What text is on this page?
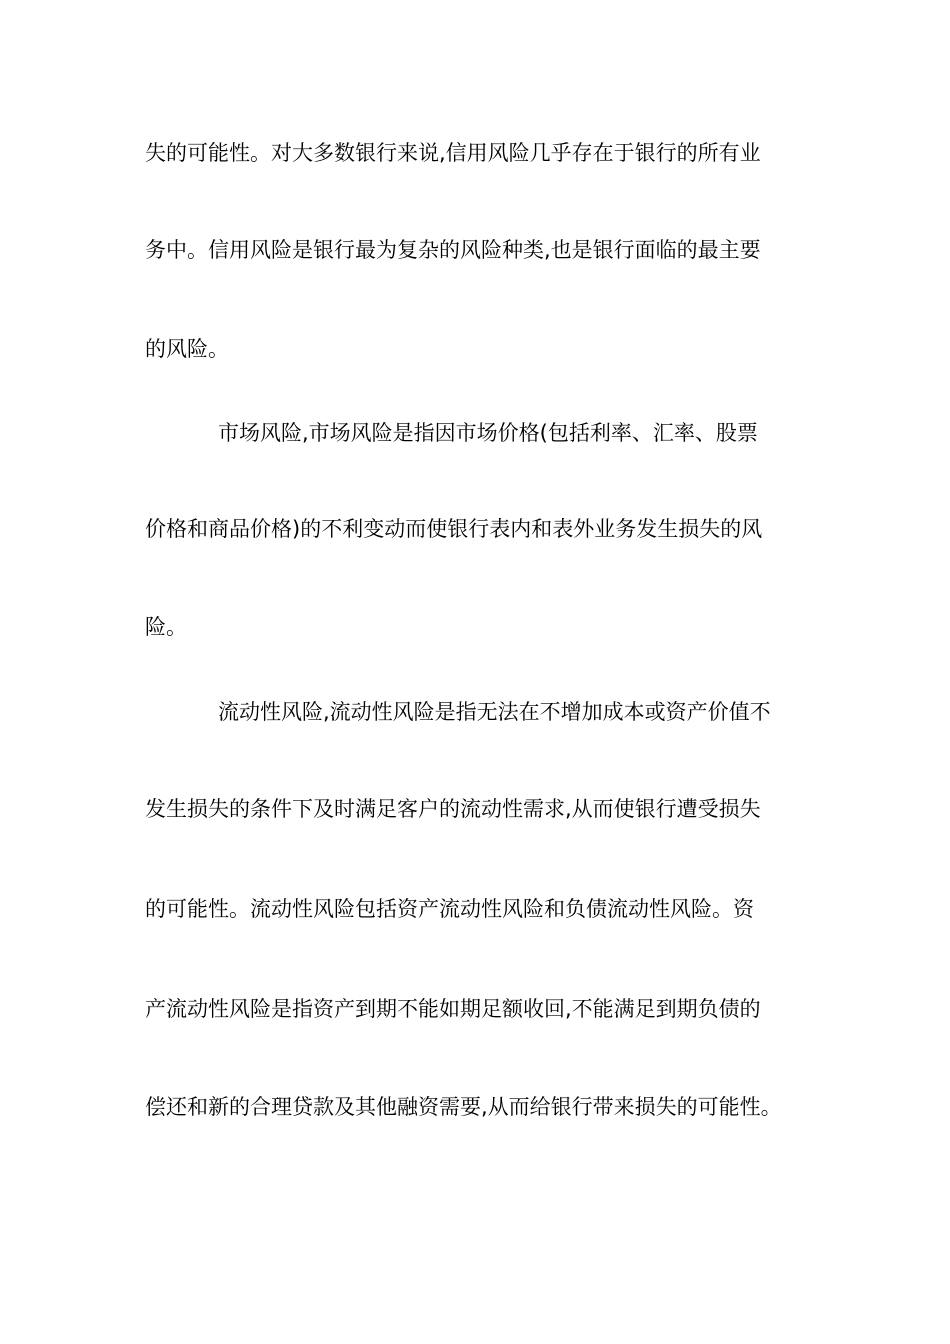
失的可能性。对大多数银行来说,信用风险几乎存在于银行的所有业
务中。信用风险是银行最为复杂的风险种类,也是银行面临的最主要
的风险。
市场风险,市场风险是指因市场价格(包括利率、汇率、股票
价格和商品价格)的不利变动而使银行表内和表外业务发生损失的风
险。
流动性风险,流动性风险是指无法在不增加成本或资产价值不
发生损失的条件下及时满足客户的流动性需求,从而使银行遭受损失
的可能性。流动性风险包括资产流动性风险和负债流动性风险。资
产流动性风险是指资产到期不能如期足额收回,不能满足到期负债的
偿还和新的合理贷款及其他融资需要,从而给银行带来损失的可能性。
